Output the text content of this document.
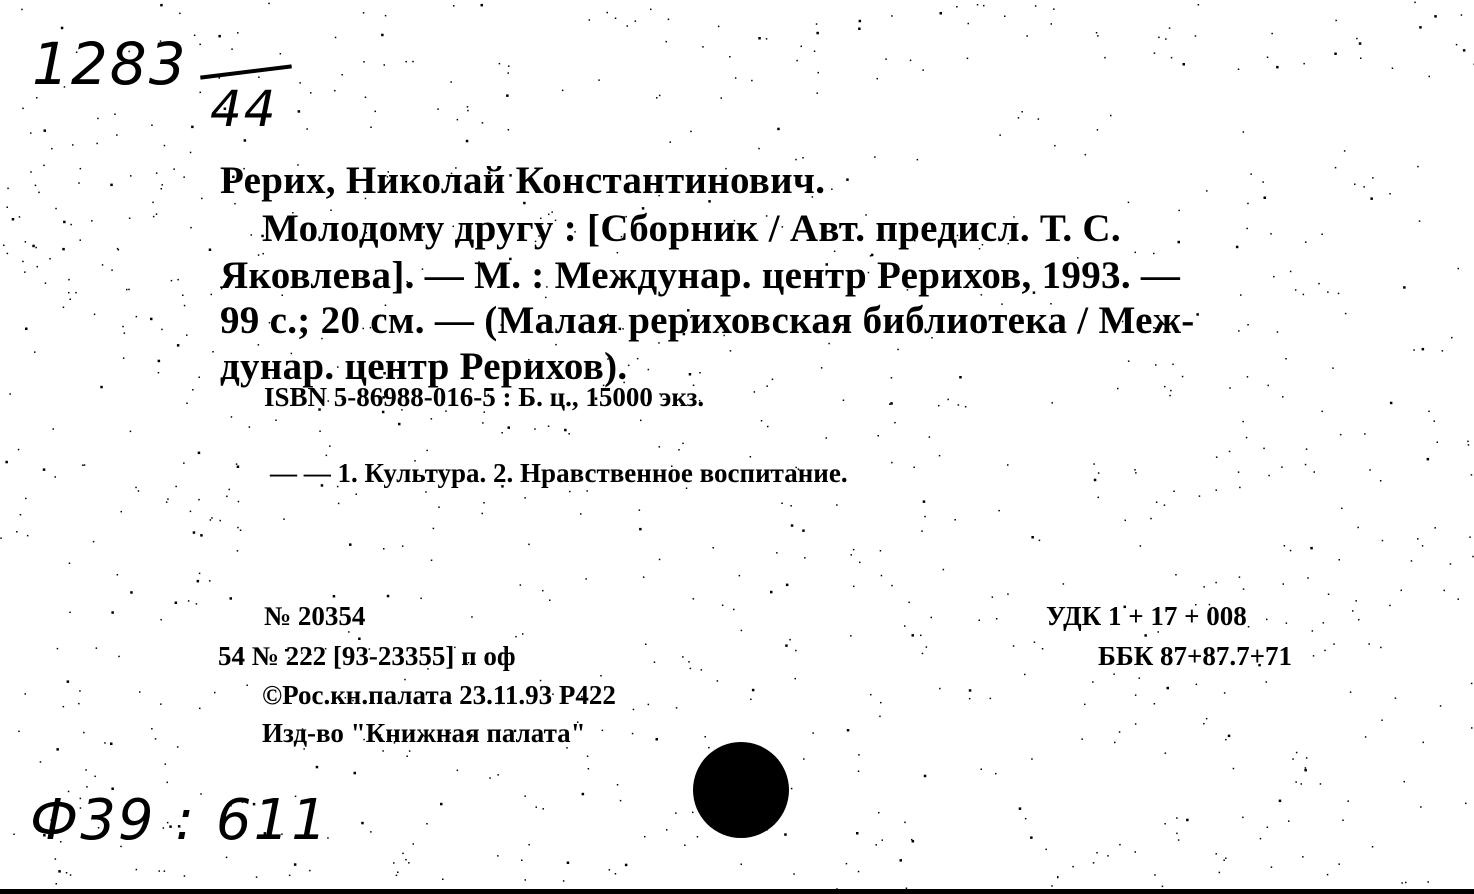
1283
44
Рерих, Николай Константинович.
Молодому другу : [Сборник / Авт. предисл. Т. С.
Яковлева]. — М. : Междунар. центр Рерихов, 1993. —
99 с.; 20 см. — (Малая рериховская библиотека / Меж-
дунар. центр Рерихов).
ISBN 5-86988-016-5 : Б. ц., 15000 экз.
— — 1. Культура. 2. Нравственное воспитание.
№ 20354
54 № 222 [93-23355] п оф
©Рос.кн.палата 23.11.93 Р422
Изд-во "Книжная палата"
УДК 1 + 17 + 008
ББК 87+87.7+71
Ф39 : 611
